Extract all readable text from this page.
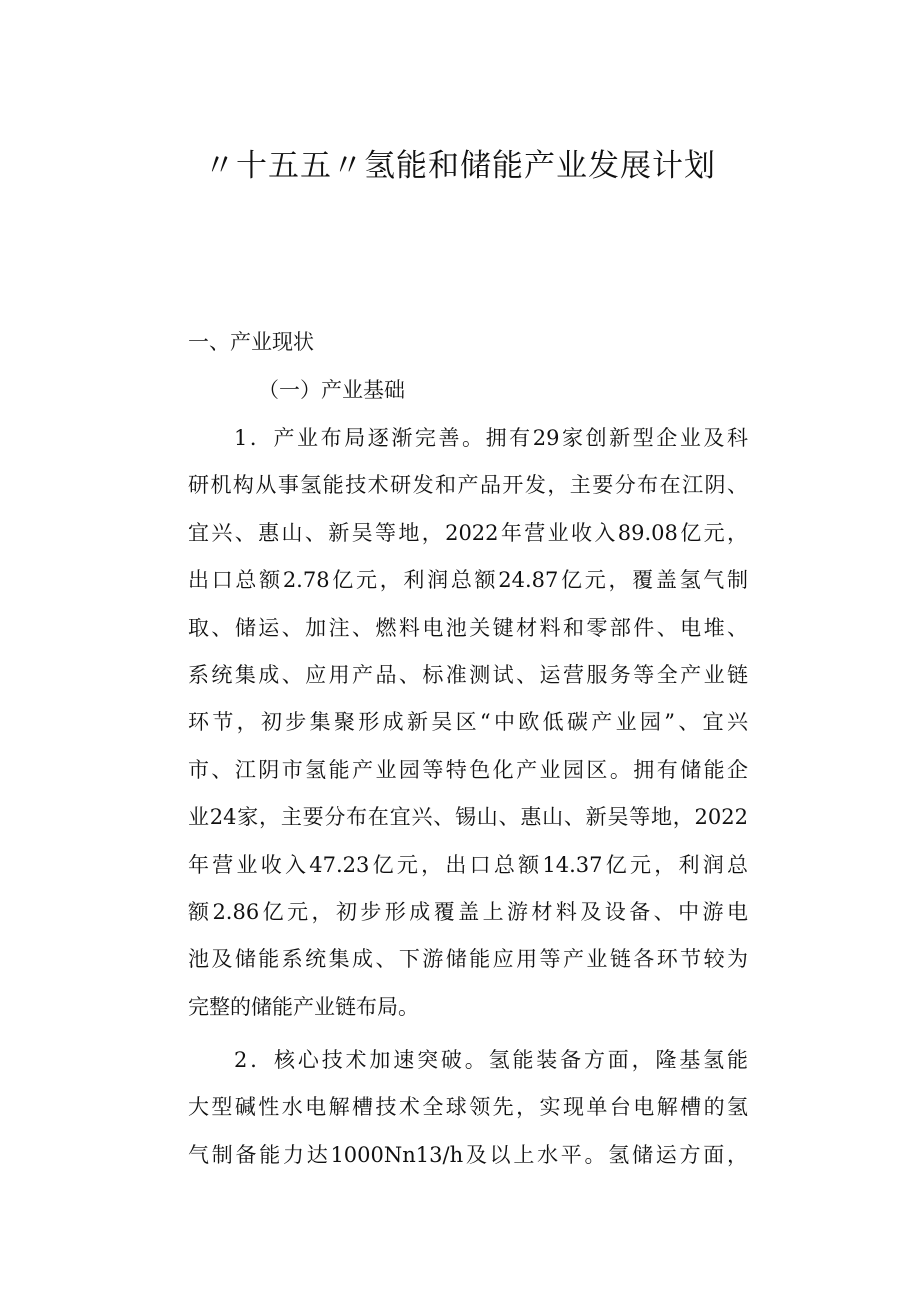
〃十五五〃氢能和储能产业发展计划
一、产业现状
（一）产业基础
1．产业布局逐渐完善。拥有29家创新型企业及科
研机构从事氢能技术研发和产品开发，主要分布在江阴、
宜兴、惠山、新吴等地，2022年营业收入89.08亿元，
出口总额2.78亿元，利润总额24.87亿元，覆盖氢气制
取、储运、加注、燃料电池关键材料和零部件、电堆、
系统集成、应用产品、标准测试、运营服务等全产业链
环节，初步集聚形成新吴区“中欧低碳产业园”、宜兴
市、江阴市氢能产业园等特色化产业园区。拥有储能企
业24家，主要分布在宜兴、锡山、惠山、新吴等地，2022
年营业收入47.23亿元，出口总额14.37亿元，利润总
额2.86亿元，初步形成覆盖上游材料及设备、中游电
池及储能系统集成、下游储能应用等产业链各环节较为
完整的储能产业链布局。
2．核心技术加速突破。氢能装备方面，隆基氢能
大型碱性水电解槽技术全球领先，实现单台电解槽的氢
气制备能力达1000Nn13/h及以上水平。氢储运方面，
